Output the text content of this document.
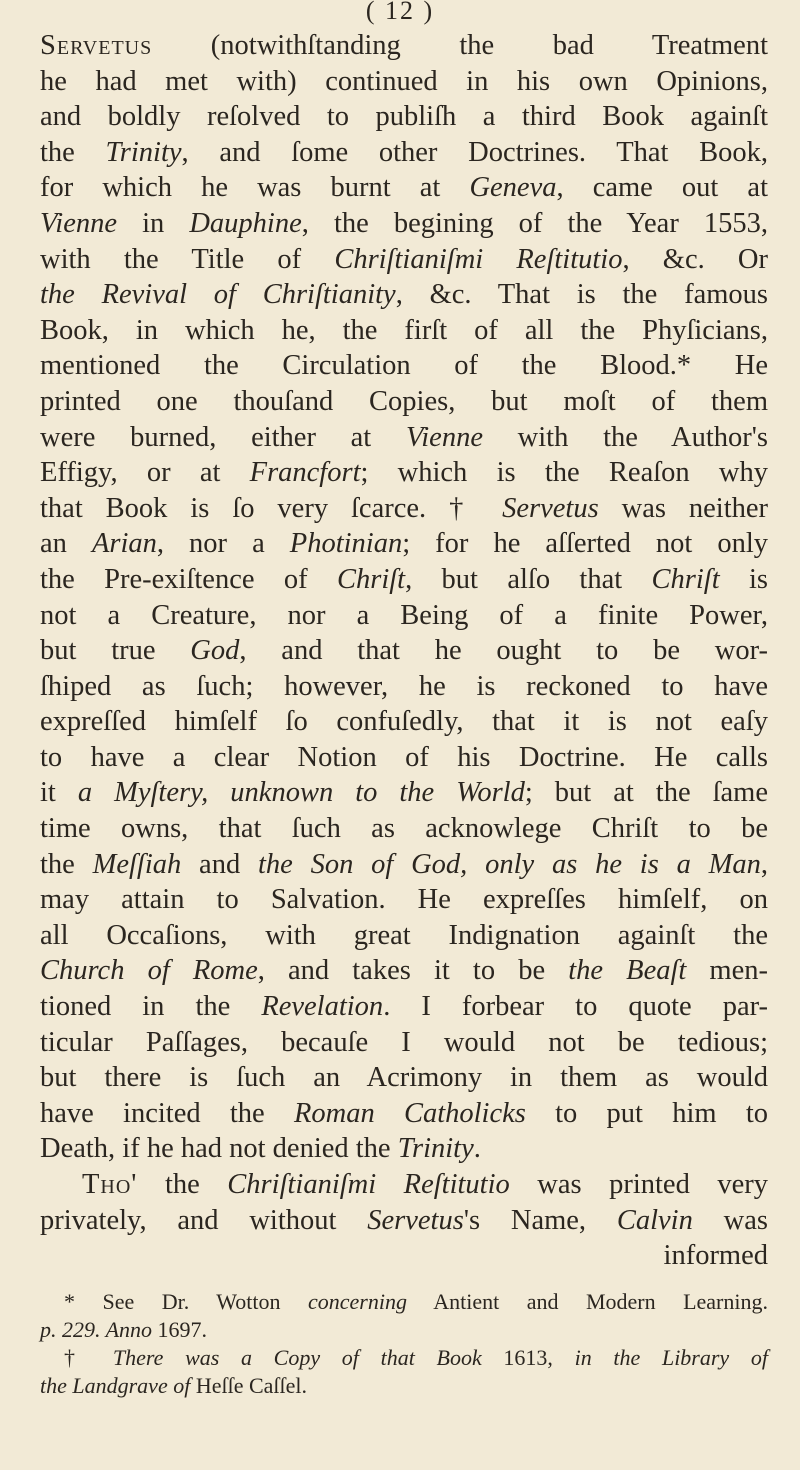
( 12 )
Servetus (notwithſtanding the bad Treatment
he had met with) continued in his own Opinions,
and boldly reſolved to publiſh a third Book againſt
the Trinity, and ſome other Doctrines. That Book,
for which he was burnt at Geneva, came out at
Vienne in Dauphine, the begining of the Year 1553,
with the Title of Chriſtianiſmi Reſtitutio, &c. Or
the Revival of Chriſtianity, &c. That is the famous
Book, in which he, the firſt of all the Phyſicians,
mentioned the Circulation of the Blood.* He
printed one thouſand Copies, but moſt of them
were burned, either at Vienne with the Author's
Effigy, or at Francfort; which is the Reaſon why
that Book is ſo very ſcarce. † Servetus was neither
an Arian, nor a Photinian; for he aſſerted not only
the Pre-exiſtence of Chriſt, but alſo that Chriſt is
not a Creature, nor a Being of a finite Power,
but true God, and that he ought to be wor-
ſhiped as ſuch; however, he is reckoned to have
expreſſed himſelf ſo confuſedly, that it is not eaſy
to have a clear Notion of his Doctrine. He calls
it a Myſtery, unknown to the World; but at the ſame
time owns, that ſuch as acknowlege Chriſt to be
the Meſſiah and the Son of God, only as he is a Man,
may attain to Salvation. He expreſſes himſelf, on
all Occaſions, with great Indignation againſt the
Church of Rome, and takes it to be the Beaſt men-
tioned in the Revelation. I forbear to quote par-
ticular Paſſages, becauſe I would not be tedious;
but there is ſuch an Acrimony in them as would
have incited the Roman Catholicks to put him to
Death, if he had not denied the Trinity.
Tho' the Chriſtianiſmi Reſtitutio was printed very
privately, and without Servetus's Name, Calvin was
informed
* See Dr. Wotton concerning Antient and Modern Learning.
p. 229. Anno 1697.
† There was a Copy of that Book 1613, in the Library of
the Landgrave of Heſſe Caſſel.
